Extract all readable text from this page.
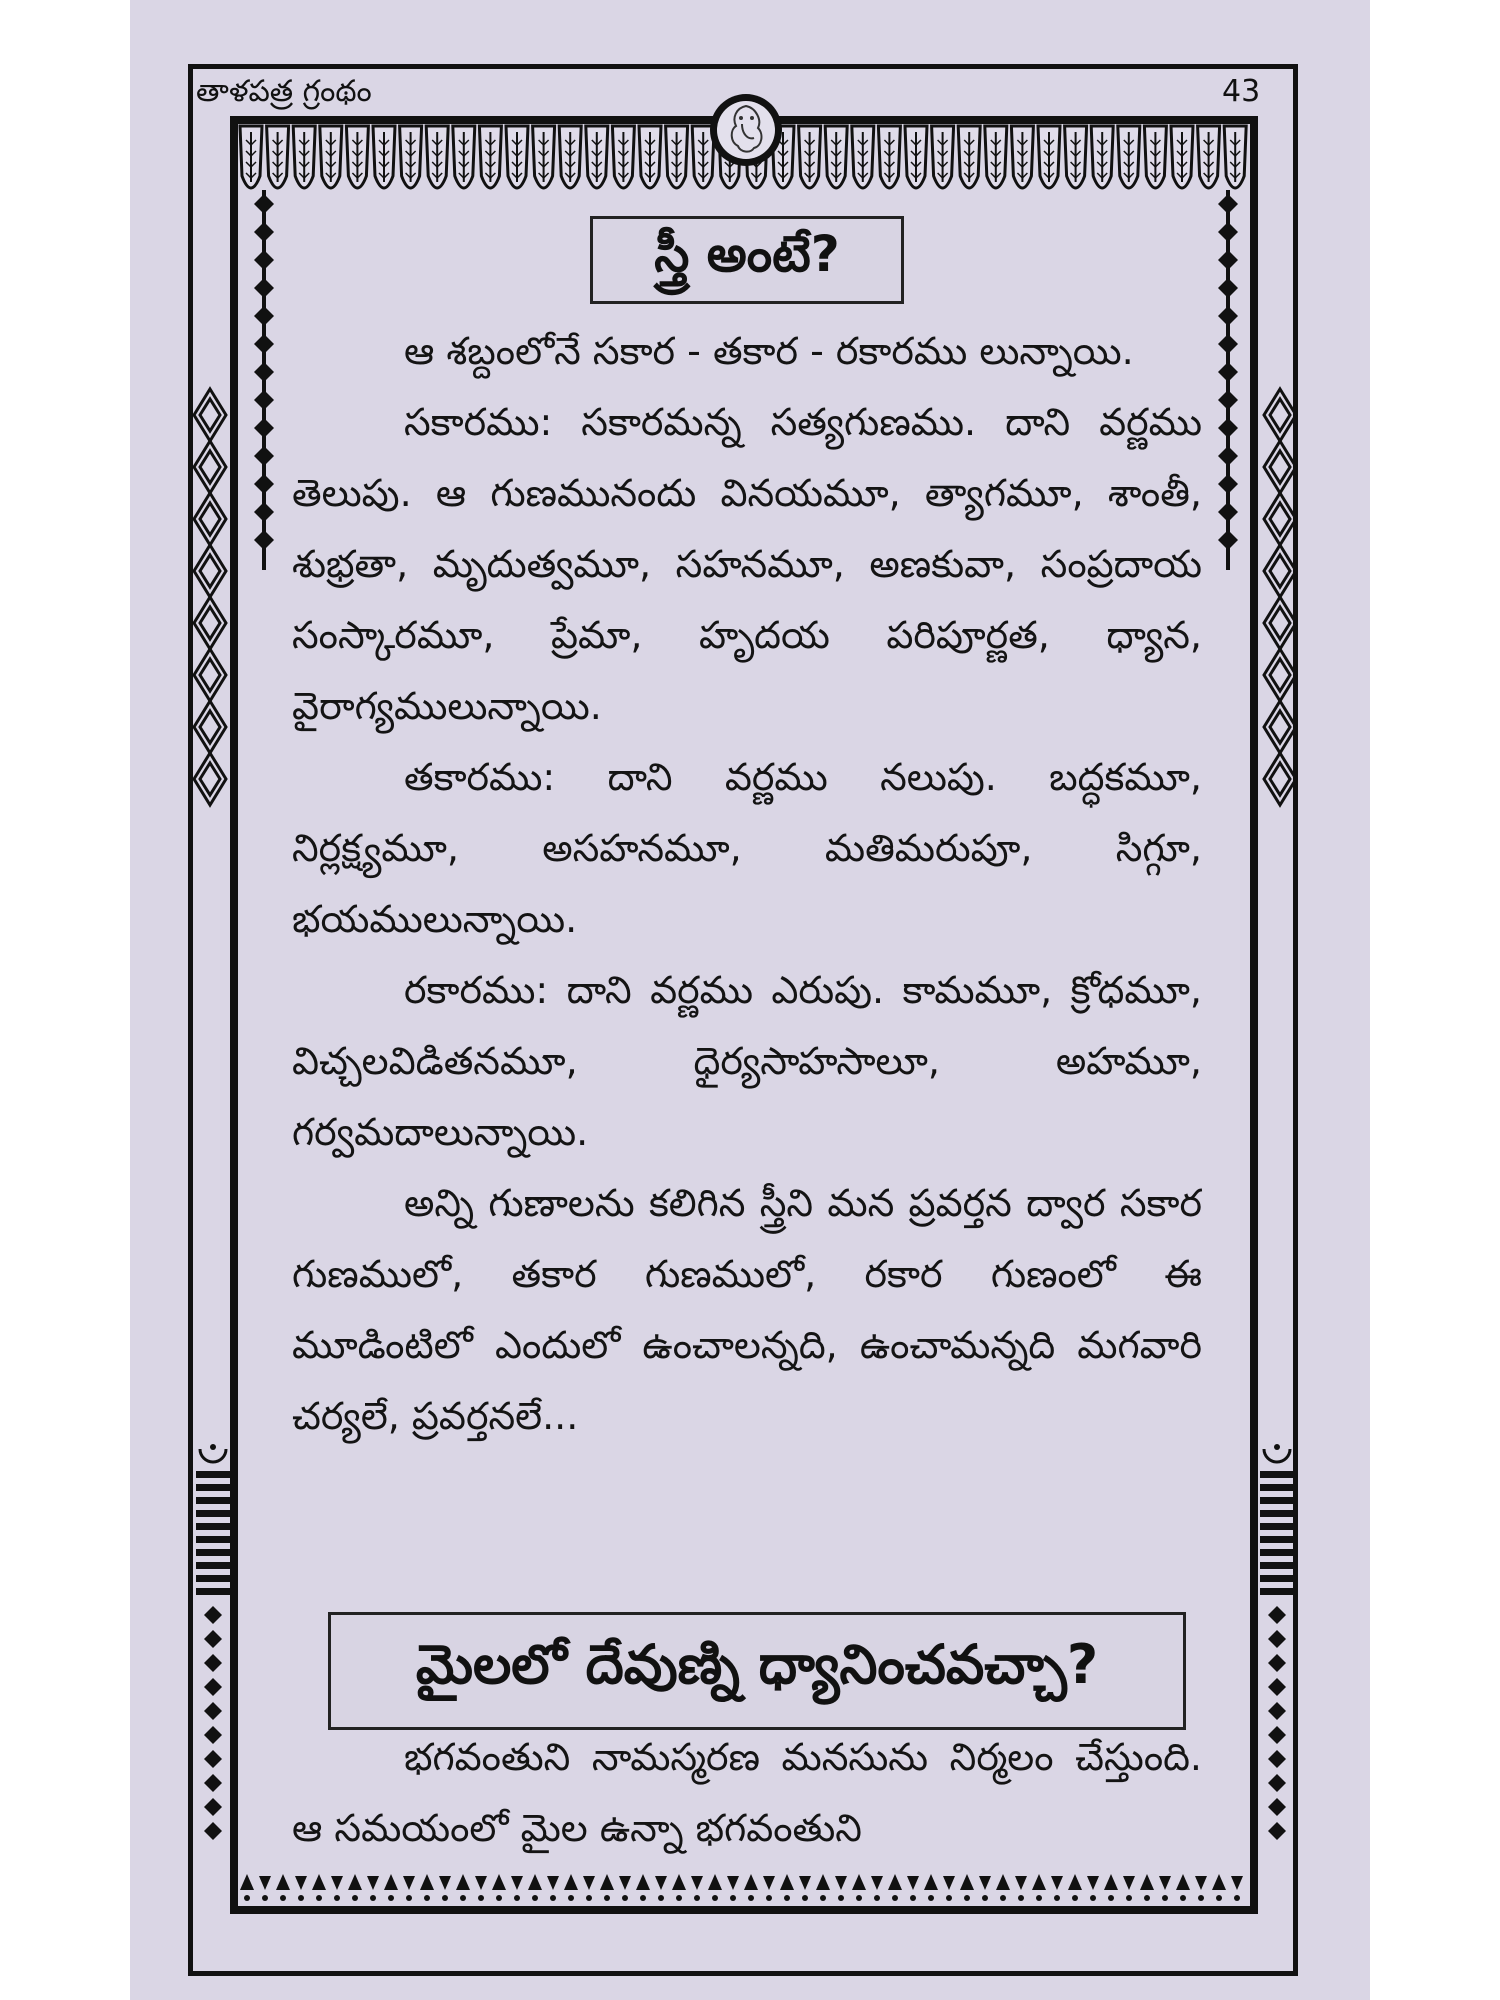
తాళపత్ర గ్రంథం	43
స్త్రీ అంటే?

ఆ శబ్దంలోనే సకార - తకార - రకారము లున్నాయి.

సకారము: సకారమన్న సత్యగుణము. దాని వర్ణము తెలుపు. ఆ గుణమునందు వినయమూ, త్యాగమూ, శాంతీ, శుభ్రతా, మృదుత్వమూ, సహనమూ, అణకువా, సంప్రదాయ సంస్కారమూ, ప్రేమా, హృదయ పరిపూర్ణత, ధ్యాన, వైరాగ్యములున్నాయి.

తకారము: దాని వర్ణము నలుపు. బద్ధకమూ, నిర్లక్ష్యమూ, అసహనమూ, మతిమరుపూ, సిగ్గూ, భయములున్నాయి.

రకారము: దాని వర్ణము ఎరుపు. కామమూ, క్రోధమూ, విచ్చలవిడితనమూ, ధైర్యసాహసాలూ, అహమూ, గర్వమదాలున్నాయి.

అన్ని గుణాలను కలిగిన స్త్రీని మన ప్రవర్తన ద్వార సకార గుణములో, తకార గుణములో, రకార గుణంలో ఈ మూడింటిలో ఎందులో ఉంచాలన్నది, ఉంచామన్నది మగవారి చర్యలే, ప్రవర్తనలే...

మైలలో దేవుణ్ని ధ్యానించవచ్చా?

భగవంతుని నామస్మరణ మనసును నిర్మలం చేస్తుంది. ఆ సమయంలో మైల ఉన్నా భగవంతుని
